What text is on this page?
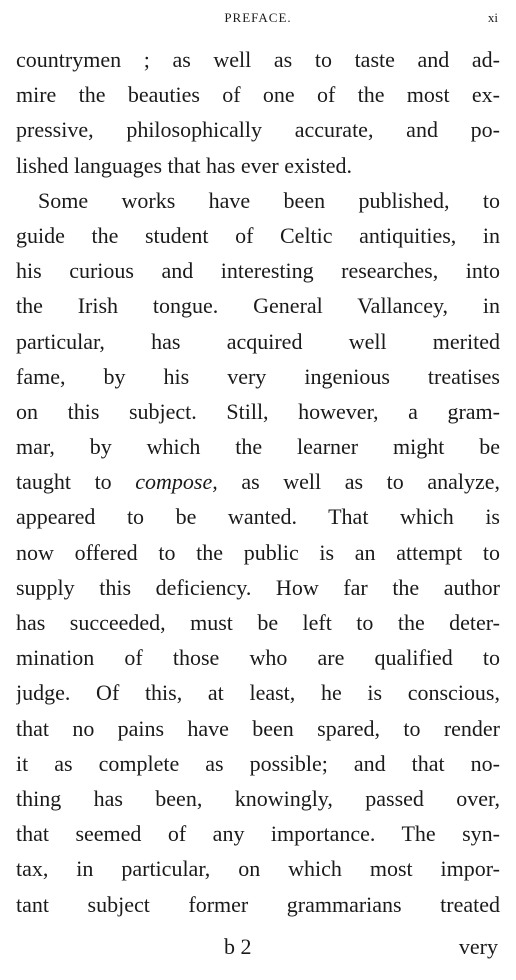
PREFACE.	xi
countrymen ; as well as to taste and ad-
mire the beauties of one of the most ex-
pressive, philosophically accurate, and po-
lished languages that has ever existed.
Some works have been published, to
guide the student of Celtic antiquities, in
his curious and interesting researches, into
the Irish tongue. General Vallancey, in
particular, has acquired well merited
fame, by his very ingenious treatises
on this subject. Still, however, a gram-
mar, by which the learner might be
taught to compose, as well as to analyze,
appeared to be wanted. That which is
now offered to the public is an attempt to
supply this deficiency. How far the author
has succeeded, must be left to the deter-
mination of those who are qualified to
judge. Of this, at least, he is conscious,
that no pains have been spared, to render
it as complete as possible; and that no-
thing has been, knowingly, passed over,
that seemed of any importance. The syn-
tax, in particular, on which most impor-
tant subject former grammarians treated
b 2	very
